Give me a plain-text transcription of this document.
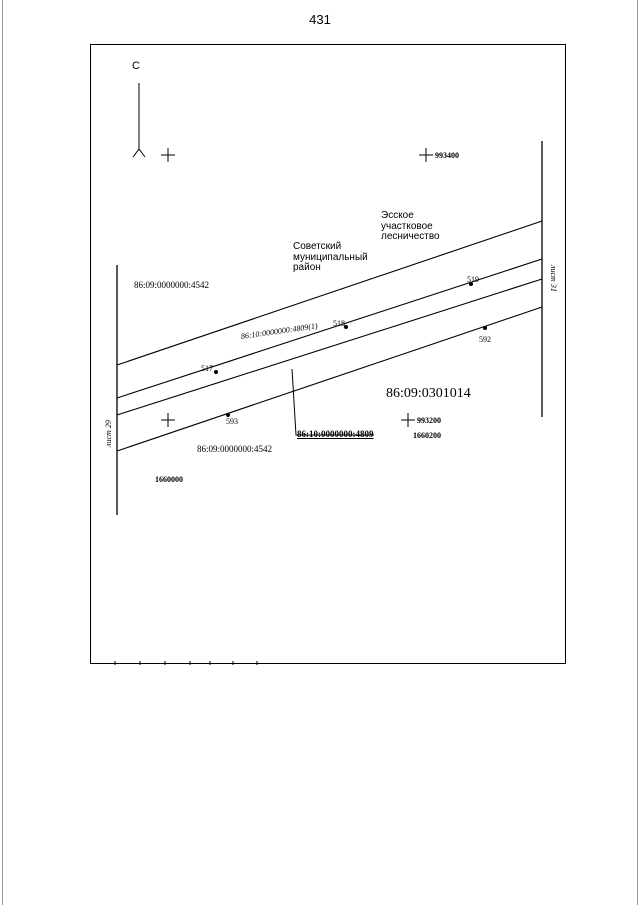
431
С
993400
993200
1660000
1660200
Эсское
участковое
лесничество
Советский
муниципальный
район
86:09:0000000:4542
86:09:0000000:4542
86:09:0301014
86:10:0000000:4809
86:10:0000000:4809(1)
517
518
519
592
593
лист 29
лист 31
